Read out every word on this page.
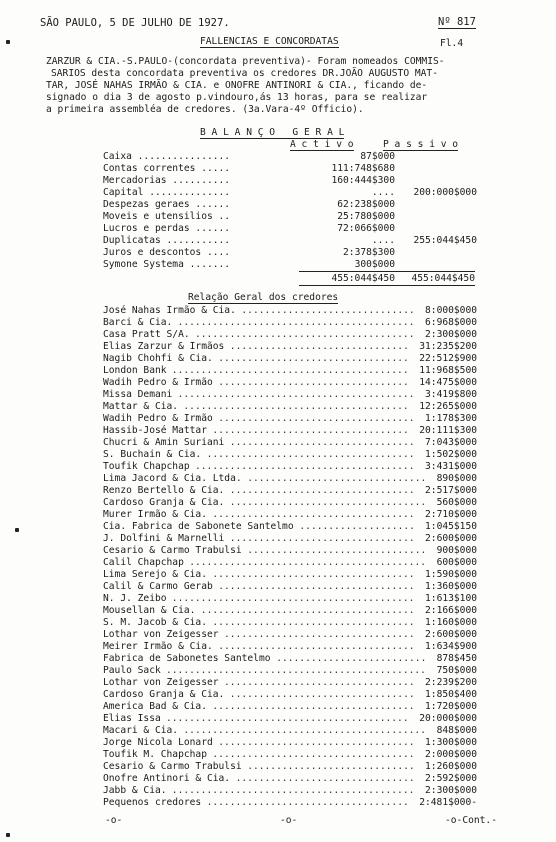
SÃO PAULO, 5 DE JULHO DE 1927.	Nº 817
FALLENCIAS E CONCORDATAS	Fl.4
ZARZUR & CIA.-S.PAULO-(concordata preventiva)- Foram nomeados COMMIS-
SARIOS desta concordata preventiva os credores DR.JOÃO AUGUSTO MAT-
TAR, JOSÉ NAHAS IRMÃO & CIA. e ONOFRE ANTINORI & CIA., ficando de-
signado o dia 3 de agosto p.vindouro,ás 13 horas, para se realizar
a primeira assembléa de credores. (3a.Vara-4º Officio).
B A L A N Ç O   G E R A L
A c t i v o	P a s s i v o
Caixa ................	87$000
Contas correntes .....	111:748$680
Mercadorias ..........	160:444$300
Capital ..............	....	200:000$000
Despezas geraes ......	62:238$000
Moveis e utensilios ..	25:780$000
Lucros e perdas ......	72:066$000
Duplicatas ...........	....	255:044$450
Juros e descontos ....	2:378$300
Symone Systema .......	300$000
455:044$450	455:044$450
Relação Geral dos credores
José Nahas Irmão & Cia. .............................. 8:000$000
Barci & Cia. ......................................... 6:968$000
Casa Pratt S/A. ...................................... 2:300$000
Elias Zarzur & Irmãos ............................... 31:235$200
Nagib Chohfi & Cia. ................................. 22:512$900
London Bank ......................................... 11:968$500
Wadih Pedro & Irmão ................................. 14:475$000
Missa Demani ......................................... 3:419$800
Mattar & Cia. ....................................... 12:265$000
Wadih Pedro & Irmão .................................. 1:178$300
Hassib-José Mattar .................................. 20:111$300
Chucri & Amin Suriani ................................ 7:043$000
S. Buchain & Cia. .................................... 1:502$000
Toufik Chapchap ...................................... 3:431$000
Lima Jacord & Cia. Ltda. ............................... 890$000
Renzo Bertello & Cia. ................................ 2:517$000
Cardoso Granja & Cia. .................................. 560$000
Murer Irmão & Cia. ................................... 2:710$000
Cia. Fabrica de Sabonete Santelmo .................... 1:045$150
J. Dolfini & Marnelli ................................ 2:600$000
Cesario & Carmo Trabulsi ............................... 900$000
Calil Chapchap ......................................... 600$000
Lima Serejo & Cia. ................................... 1:590$000
Calil & Carmo Gerab .................................. 1:360$000
N. J. Zeibo .......................................... 1:613$100
Mousellan & Cia. ..................................... 2:166$000
S. M. Jacob & Cia. ................................... 1:160$000
Lothar von Zeigesser ................................. 2:600$000
Meirer Irmão & Cia. .................................. 1:634$900
Fabrica de Sabonetes Santelmo .......................... 878$450
Paulo Sack ............................................. 750$000
Lothar von Zeigesser ................................. 2:239$200
Cardoso Granja & Cia. ................................ 1:850$400
America Bad & Cia. ................................... 1:720$000
Elias Issa .......................................... 20:000$000
Macari & Cia. .......................................... 848$000
Jorge Nicola Lonard .................................. 1:300$000
Toufik M. Chapchap ................................... 2:000$000
Cesario & Carmo Trabulsi ............................. 1:260$000
Onofre Antinori & Cia. ............................... 2:592$000
Jabb & Cia. .......................................... 2:300$000
Pequenos credores ................................... 2:481$000-
-o-	-o-	-o-Cont.-
